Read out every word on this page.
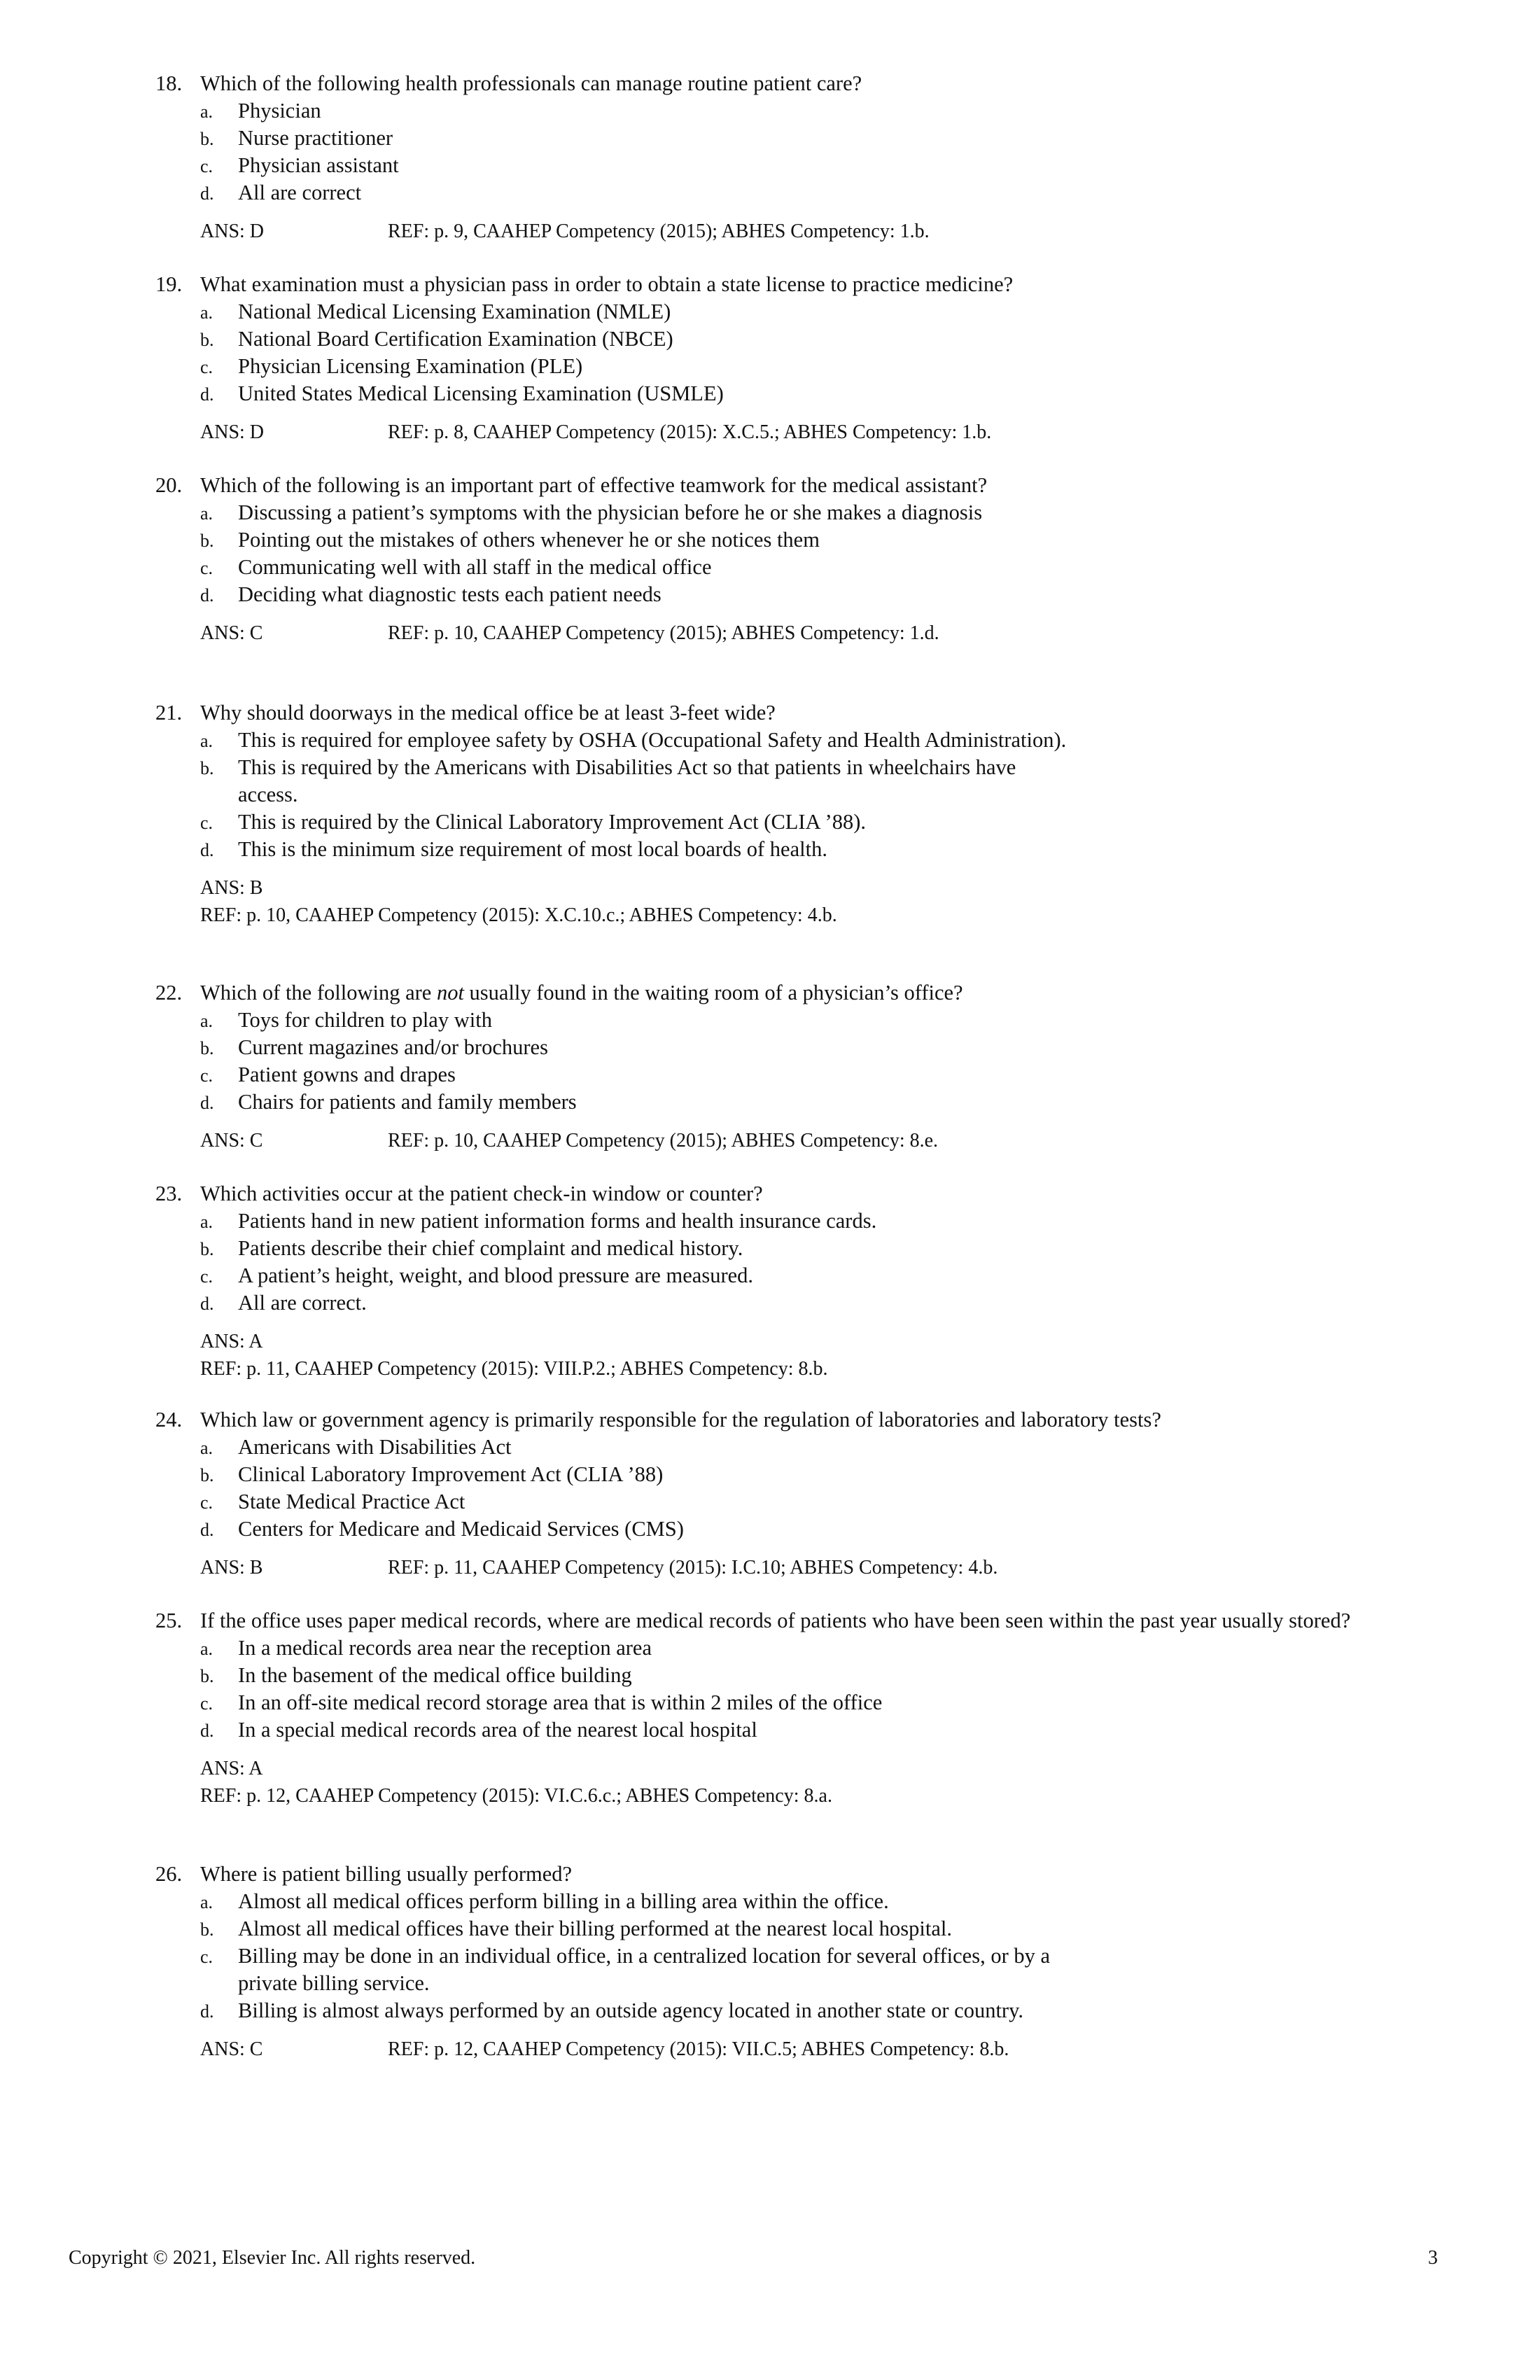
18. Which of the following health professionals can manage routine patient care?
a. Physician
b. Nurse practitioner
c. Physician assistant
d. All are correct
ANS: D	REF: p. 9, CAAHEP Competency (2015); ABHES Competency: 1.b.
19. What examination must a physician pass in order to obtain a state license to practice medicine?
a. National Medical Licensing Examination (NMLE)
b. National Board Certification Examination (NBCE)
c. Physician Licensing Examination (PLE)
d. United States Medical Licensing Examination (USMLE)
ANS: D	REF: p. 8, CAAHEP Competency (2015): X.C.5.; ABHES Competency: 1.b.
20. Which of the following is an important part of effective teamwork for the medical assistant?
a. Discussing a patient’s symptoms with the physician before he or she makes a diagnosis
b. Pointing out the mistakes of others whenever he or she notices them
c. Communicating well with all staff in the medical office
d. Deciding what diagnostic tests each patient needs
ANS: C	REF: p. 10, CAAHEP Competency (2015); ABHES Competency: 1.d.
21. Why should doorways in the medical office be at least 3-feet wide?
a. This is required for employee safety by OSHA (Occupational Safety and Health Administration).
b. This is required by the Americans with Disabilities Act so that patients in wheelchairs have access.
c. This is required by the Clinical Laboratory Improvement Act (CLIA ’88).
d. This is the minimum size requirement of most local boards of health.
ANS: B
REF: p. 10, CAAHEP Competency (2015): X.C.10.c.; ABHES Competency: 4.b.
22. Which of the following are not usually found in the waiting room of a physician’s office?
a. Toys for children to play with
b. Current magazines and/or brochures
c. Patient gowns and drapes
d. Chairs for patients and family members
ANS: C	REF: p. 10, CAAHEP Competency (2015); ABHES Competency: 8.e.
23. Which activities occur at the patient check-in window or counter?
a. Patients hand in new patient information forms and health insurance cards.
b. Patients describe their chief complaint and medical history.
c. A patient’s height, weight, and blood pressure are measured.
d. All are correct.
ANS: A
REF: p. 11, CAAHEP Competency (2015): VIII.P.2.; ABHES Competency: 8.b.
24. Which law or government agency is primarily responsible for the regulation of laboratories and laboratory tests?
a. Americans with Disabilities Act
b. Clinical Laboratory Improvement Act (CLIA ’88)
c. State Medical Practice Act
d. Centers for Medicare and Medicaid Services (CMS)
ANS: B	REF: p. 11, CAAHEP Competency (2015): I.C.10; ABHES Competency: 4.b.
25. If the office uses paper medical records, where are medical records of patients who have been seen within the past year usually stored?
a. In a medical records area near the reception area
b. In the basement of the medical office building
c. In an off-site medical record storage area that is within 2 miles of the office
d. In a special medical records area of the nearest local hospital
ANS: A
REF: p. 12, CAAHEP Competency (2015): VI.C.6.c.; ABHES Competency: 8.a.
26. Where is patient billing usually performed?
a. Almost all medical offices perform billing in a billing area within the office.
b. Almost all medical offices have their billing performed at the nearest local hospital.
c. Billing may be done in an individual office, in a centralized location for several offices, or by a private billing service.
d. Billing is almost always performed by an outside agency located in another state or country.
ANS: C	REF: p. 12, CAAHEP Competency (2015): VII.C.5; ABHES Competency: 8.b.
Copyright © 2021, Elsevier Inc. All rights reserved.	3
